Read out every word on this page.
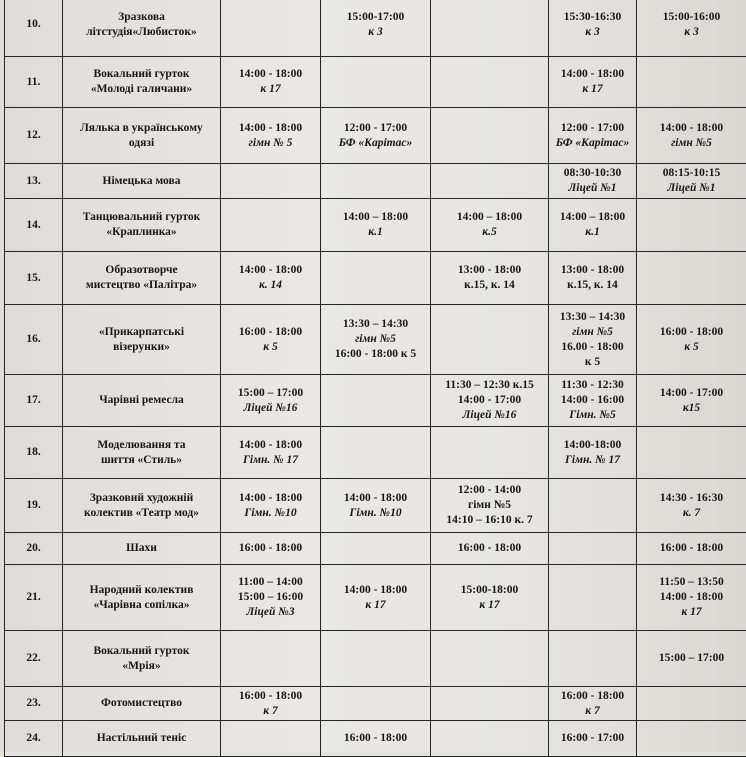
10.	
Зразкова
літстудія«Любисток»

15:00-17:00
к 3

15:30-16:30
к 3

15:00-16:00
к 3

11.	
Вокальний гурток
«Молоді галичани»

14:00 - 18:00
к 17

14:00 - 18:00
к 17

12.	
Лялька в українському
одязі

14:00 - 18:00
гімн № 5

12:00 - 17:00
БФ «Карітас»

12:00 - 17:00
БФ «Карітас»

14:00 - 18:00
гімн №5

13.	Німецька мова

08:30-10:30
Ліцей №1

08:15-10:15
Ліцей №1

14.	
Танцювальний гурток
«Краплинка»

14:00 – 18:00
к.1

14:00 – 18:00
к.5

14:00 – 18:00
к.1

15.	
Образотворче
мистецтво «Палітра»

14:00 - 18:00
к. 14

13:00 - 18:00
к.15, к. 14

13:00 - 18:00
к.15, к. 14

16.	
«Прикарпатські
візерунки»

16:00 - 18:00
к 5

13:30 – 14:30
гімн №5
16:00 - 18:00 к 5

13:30 – 14:30
гімн №5
16.00 - 18:00
к 5

16:00 - 18:00
к 5

17.	Чарівні ремесла

15:00 – 17:00
Ліцей №16

11:30 – 12:30 к.15
14:00 - 17:00
Ліцей №16

11:30 - 12:30
14:00 - 16:00
Гімн. №5

14:00 - 17:00
к15

18.	
Моделювання та
шиття «Стиль»

14:00 - 18:00
Гімн. № 17

14:00-18:00
Гімн. № 17

19.	
Зразковий художній
колектив «Театр мод»

14:00 - 18:00
Гімн. №10

14:00 - 18:00
Гімн. №10

12:00 - 14:00
гімн №5
14:10 – 16:10 к. 7

14:30 - 16:30
к. 7

20.	Шахи	16:00 - 18:00		16:00 - 18:00		16:00 - 18:00

21.	
Народний колектив
«Чарівна сопілка»

11:00 – 14:00
15:00 – 16:00
Ліцей №3

14:00 - 18:00
к 17

15:00-18:00
к 17

11:50 – 13:50
14:00 - 18:00
к 17

22.	
Вокальний гурток
«Мрія»

15:00 – 17:00

23.	Фотомистецтво

16:00 - 18:00
к 7

16:00 - 18:00
к 7

24.	Настільний теніс		16:00 - 18:00		16:00 - 17:00
